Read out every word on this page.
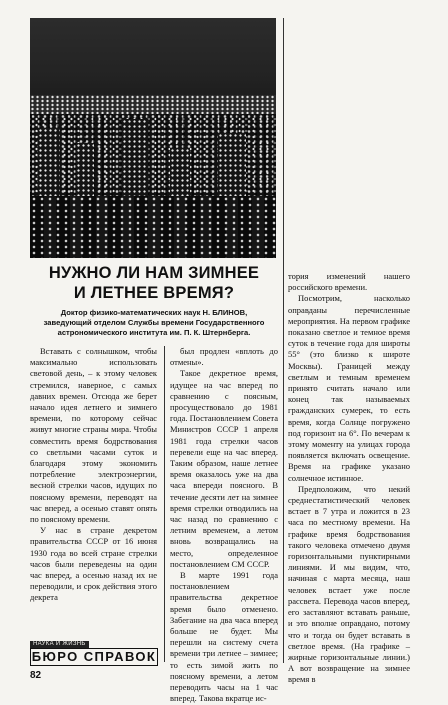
НУЖНО ЛИ НАМ ЗИМНЕЕ
И ЛЕТНЕЕ ВРЕМЯ?
Доктор физико-математических наук Н. БЛИНОВ,
заведующий отделом Службы времени Государственного
астрономического института им. П. К. Штернберга.

Вставать с солнышком, чтобы максимально использовать световой день, – к этому человек стремился, наверное, с самых давних времен. Отсюда же берет начало идея летнего и зимнего времени, по которому сейчас живут многие страны мира. Чтобы совместить время бодрствования со светлыми часами суток и благодаря этому экономить потребление электроэнергии, весной стрелки часов, идущих по поясному времени, переводят на час вперед, а осенью ставят опять по поясному времени.

У нас в стране декретом правительства СССР от 16 июня 1930 года во всей стране стрелки часов были переведены на один час вперед, а осенью назад их не переводили, и срок действия этого декрета

был продлен «вплоть до отмены».

Такое декретное время, идущее на час вперед по сравнению с поясным, просуществовало до 1981 года. Постановлением Совета Министров СССР 1 апреля 1981 года стрелки часов перевели еще на час вперед. Таким образом, наше летнее время оказалось уже на два часа впереди поясного. В течение десяти лет на зимнее время стрелки отводились на час назад по сравнению с летним временем, а летом вновь возвращались на место, определенное постановлением СМ СССР.

В марте 1991 года постановлением правительства декретное время было отменено. Забегание на два часа вперед больше не будет. Мы перешли на систему счета времени три летнее – зимнее; то есть зимой жить по поясному времени, а летом переводить часы на 1 час вперед. Такова вкратце ис-

тория изменений нашего российского времени.

Посмотрим, насколько оправданы перечисленные мероприятия. На первом графике показано светлое и темное время суток в течение года для широты 55° (это близко к широте Москвы). Границей между светлым и темным временем принято считать начало или конец так называемых гражданских сумерек, то есть время, когда Солнце погружено под горизонт на 6°. По вечерам к этому моменту на улицах города появляется включать освещение. Время на графике указано солнечное истинное.

Предположим, что некий среднестатистический человек встает в 7 утра и ложится в 23 часа по местному времени. На графике время бодрствования такого человека отмечено двумя горизонтальными пунктирными линиями. И мы видим, что, начиная с марта месяца, наш человек встает уже после рассвета. Перевода часов вперед, его заставляют вставать раньше, и это вполне оправдано, потому что и тогда он будет вставать в светлое время. (На графике – жирные горизонтальные линии.) А вот возвращение на зимнее время в

НАУКА И ЖИЗНЬ
БЮРО СПРАВОК
82
